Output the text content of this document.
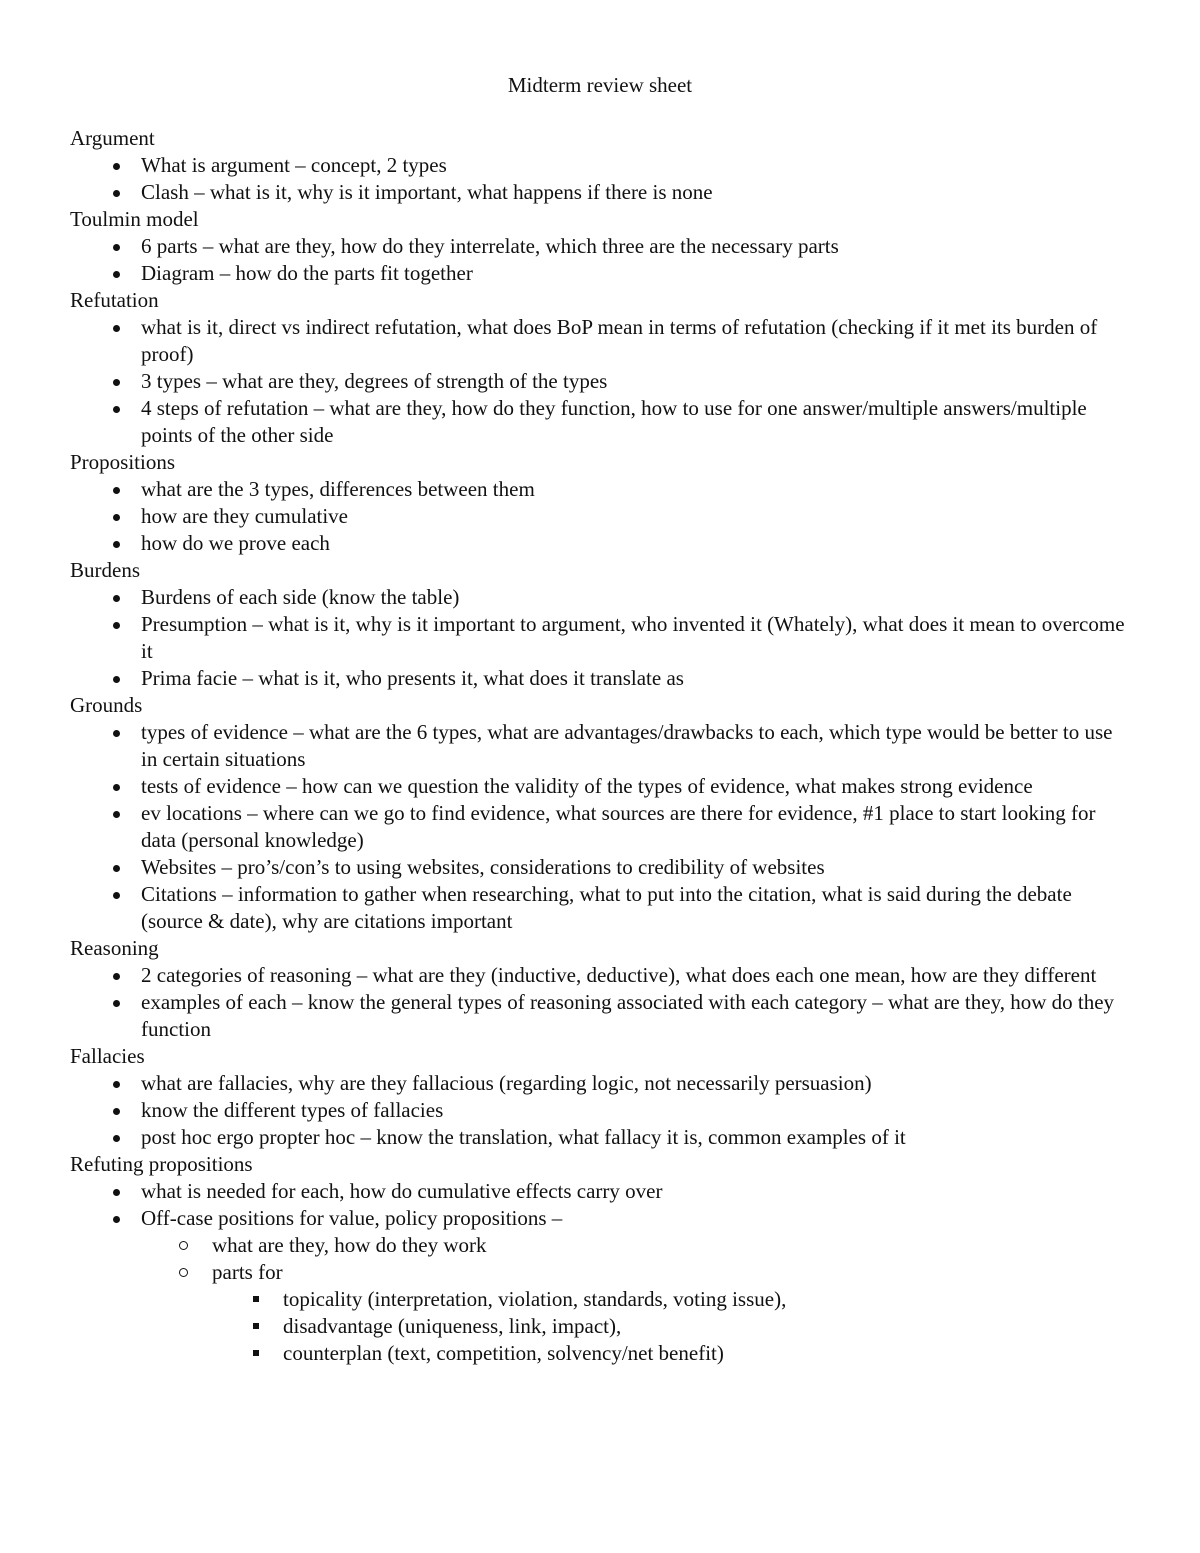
Midterm review sheet
Argument
What is argument – concept, 2 types
Clash – what is it, why is it important, what happens if there is none
Toulmin model
6 parts – what are they, how do they interrelate, which three are the necessary parts
Diagram – how do the parts fit together
Refutation
what is it, direct vs indirect refutation, what does BoP mean in terms of refutation (checking if it met its burden of proof)
3 types – what are they, degrees of strength of the types
4 steps of refutation – what are they, how do they function, how to use for one answer/multiple answers/multiple points of the other side
Propositions
what are the 3 types, differences between them
how are they cumulative
how do we prove each
Burdens
Burdens of each side (know the table)
Presumption – what is it, why is it important to argument, who invented it (Whately), what does it mean to overcome it
Prima facie – what is it, who presents it, what does it translate as
Grounds
types of evidence – what are the 6 types, what are advantages/drawbacks to each, which type would be better to use in certain situations
tests of evidence – how can we question the validity of the types of evidence, what makes strong evidence
ev locations – where can we go to find evidence, what sources are there for evidence, #1 place to start looking for data (personal knowledge)
Websites – pro’s/con’s to using websites, considerations to credibility of websites
Citations – information to gather when researching, what to put into the citation, what is said during the debate (source & date), why are citations important
Reasoning
2 categories of reasoning – what are they (inductive, deductive), what does each one mean, how are they different
examples of each – know the general types of reasoning associated with each category – what are they, how do they function
Fallacies
what are fallacies, why are they fallacious (regarding logic, not necessarily persuasion)
know the different types of fallacies
post hoc ergo propter hoc – know the translation, what fallacy it is, common examples of it
Refuting propositions
what is needed for each, how do cumulative effects carry over
Off-case positions for value, policy propositions –
what are they, how do they work
parts for
topicality (interpretation, violation, standards, voting issue),
disadvantage (uniqueness, link, impact),
counterplan (text, competition, solvency/net benefit)
